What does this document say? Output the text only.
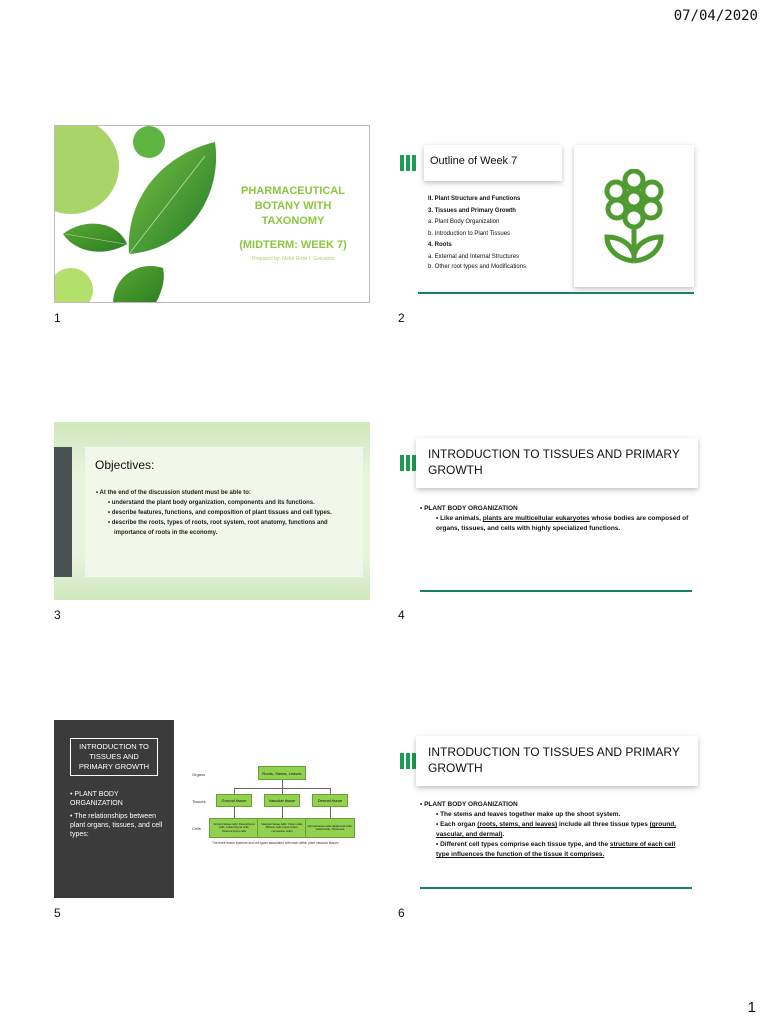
07/04/2020
PHARMACEUTICAL
BOTANY WITH
TAXONOMY
(MIDTERM: WEEK 7)
Prepared by: Meke Rose I. Guevarra
1
Outline of Week 7
II. Plant Structure and Functions
3. Tissues and Primary Growth
a. Plant Body Organization
b. Introduction to Plant Tissues
4. Roots
a. External and Internal Structures
b. Other root types and Modifications
2
Objectives:
• At the end of the discussion student must be able to:
• understand the plant body organization, components and its functions.
• describe features, functions, and composition of plant tissues and cell types.
• describe the roots, types of roots, root system, root anatomy, functions and importance of roots in the economy.
3
INTRODUCTION TO TISSUES AND PRIMARY GROWTH
• PLANT BODY ORGANIZATION
• Like animals, plants are multicellular eukaryotes whose bodies are composed of organs, tissues, and cells with highly specialized functions.
4
INTRODUCTION TO TISSUES AND PRIMARY GROWTH
• PLANT BODY ORGANIZATION
• The relationships between plant organs, tissues, and cell types:
Organs
Tissues
Cells
Roots, Stems, Leaves
Ground tissue	Vascular tissue	Dermal tissue
Ground tissue cells: Parenchyma cells, Collenchyma cells, Sclerenchyma cells
Vascular tissue cells: Xylem cells, Phloem cells (sieve tubes, companion cells)
Dermal tissue cells: Epidermal cells, Guard cells, Trichomes
The three tissue systems and cell types associated with each within plant vascular tissues
5
INTRODUCTION TO TISSUES AND PRIMARY GROWTH
• PLANT BODY ORGANIZATION
• The stems and leaves together make up the shoot system.
• Each organ (roots, stems, and leaves) include all three tissue types (ground, vascular, and dermal).
• Different cell types comprise each tissue type, and the structure of each cell type influences the function of the tissue it comprises.
6
1
